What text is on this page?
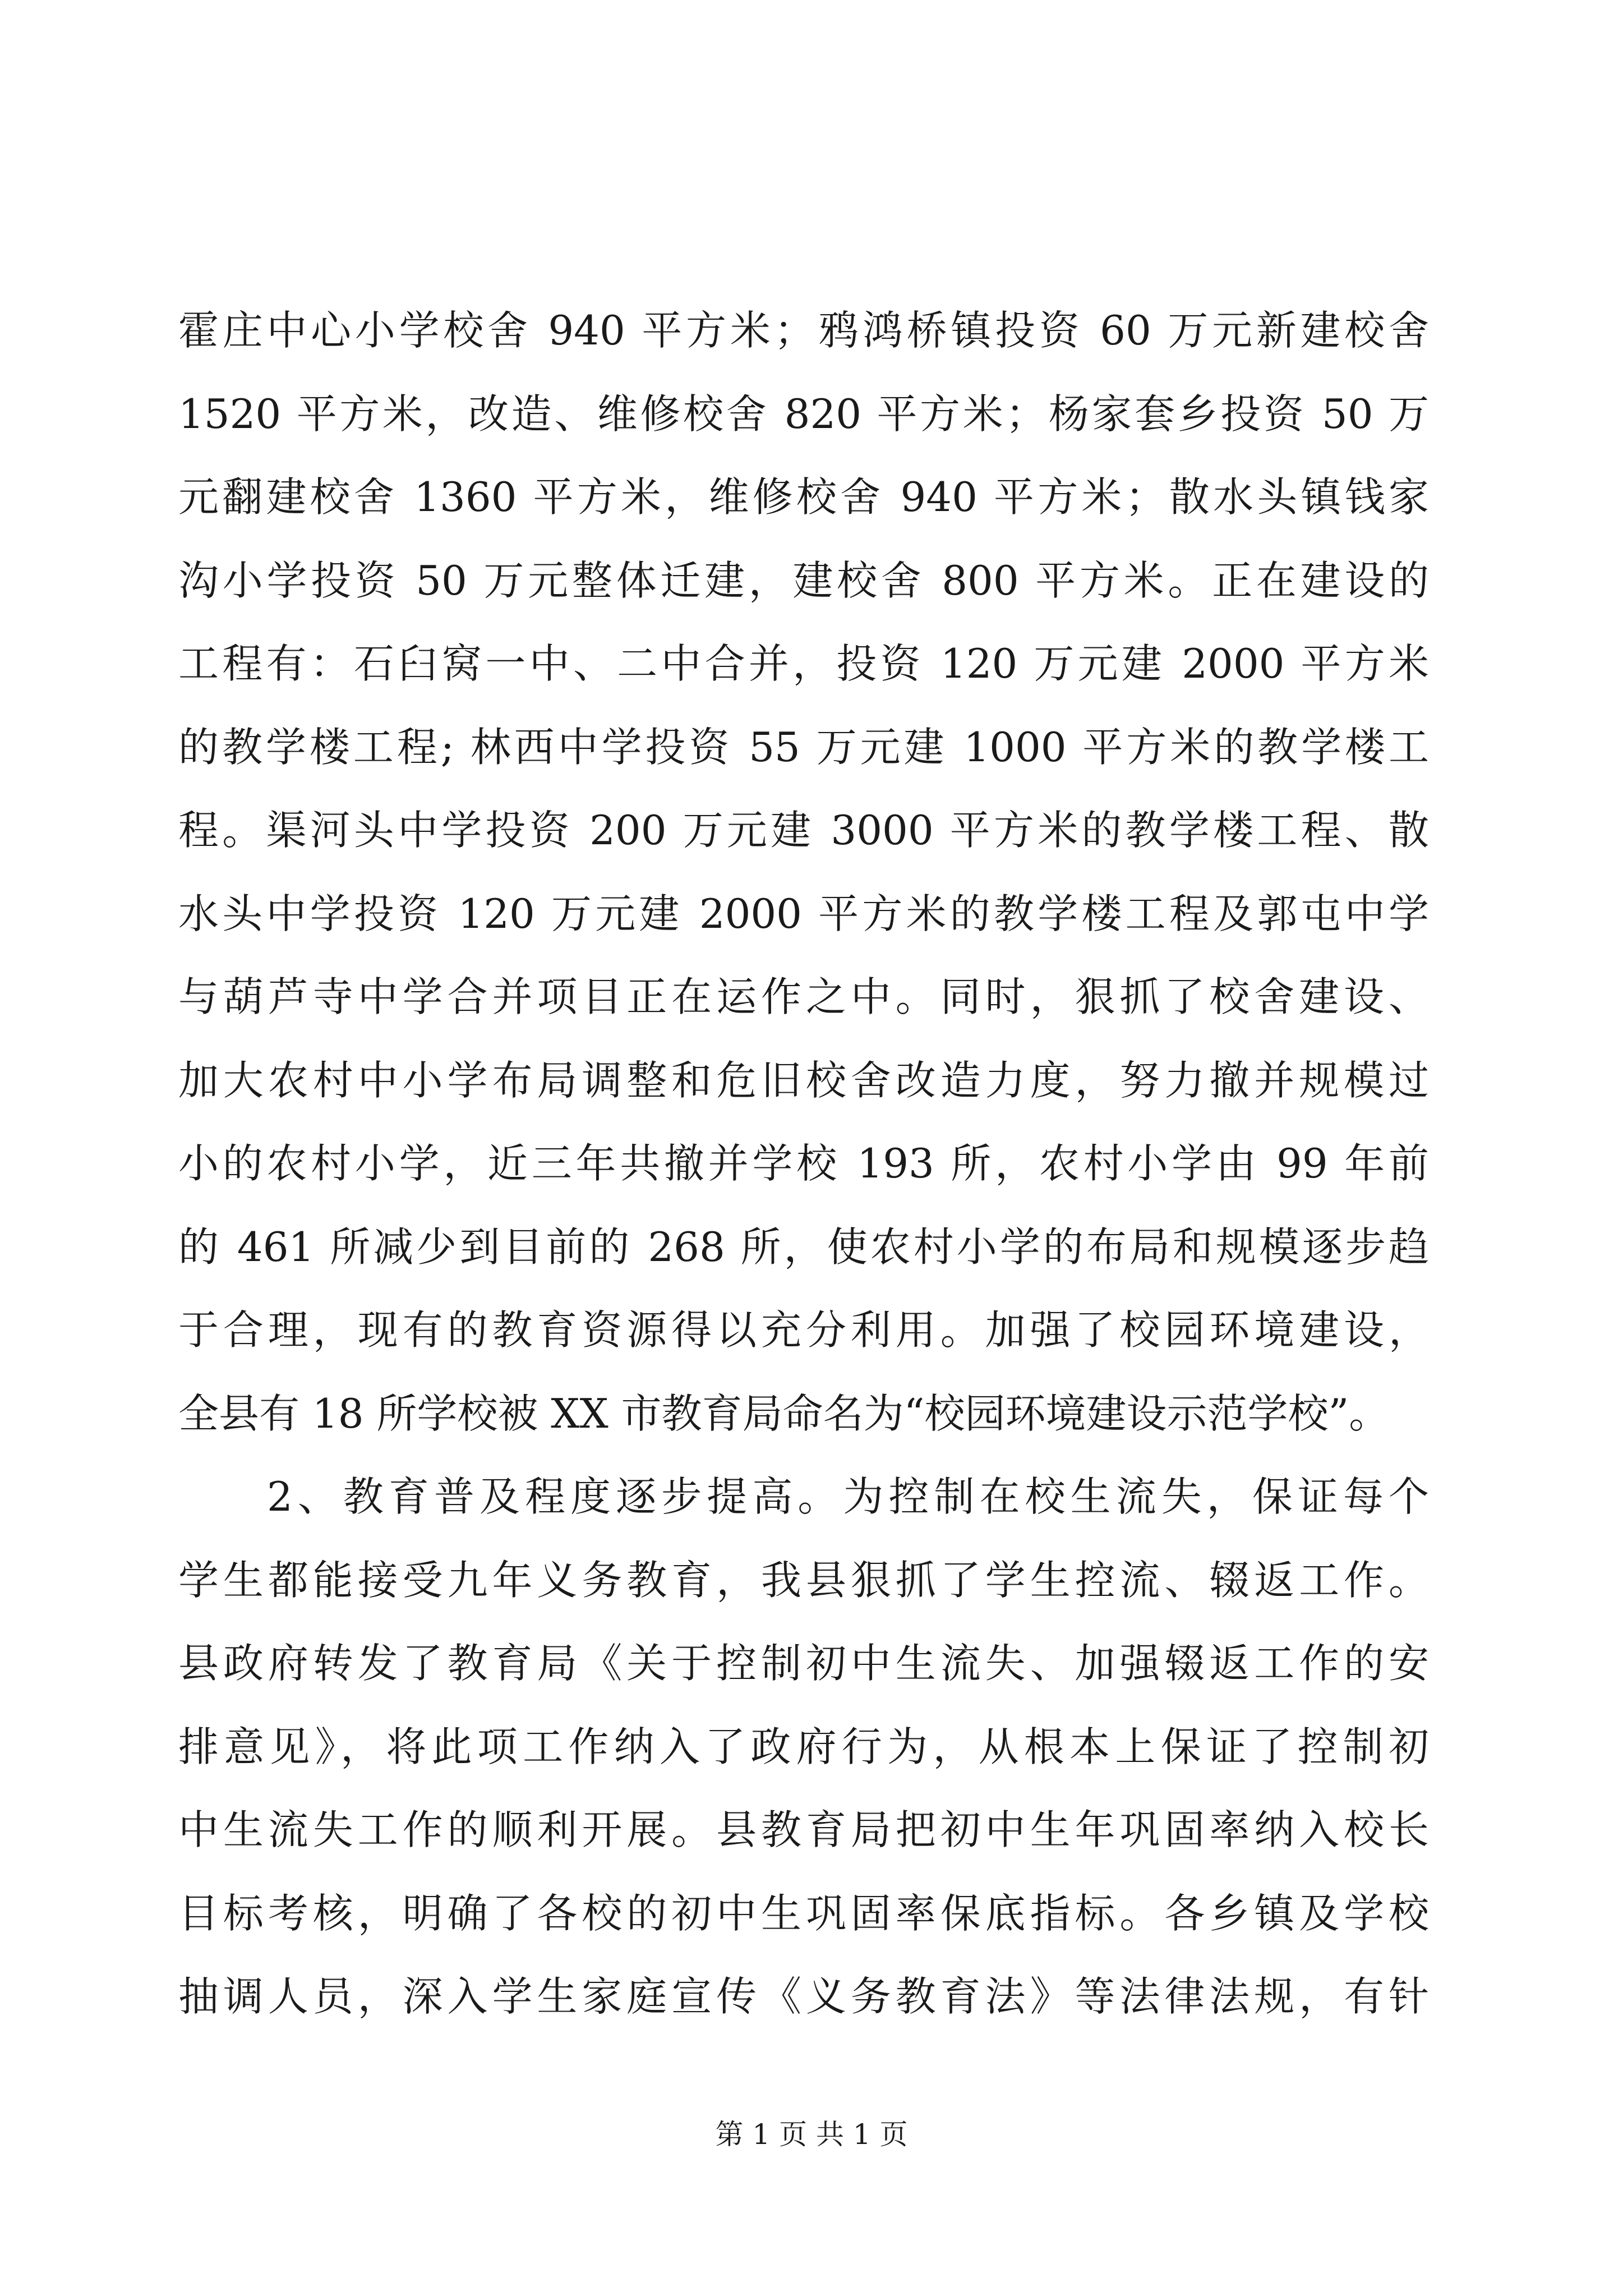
霍庄中心小学校舍 940 平方米；鸦鸿桥镇投资 60 万元新建校舍
1520 平方米，改造、维修校舍 820 平方米；杨家套乡投资 50 万
元翻建校舍 1360 平方米，维修校舍 940 平方米；散水头镇钱家
沟小学投资 50 万元整体迁建，建校舍 800 平方米。正在建设的
工程有：石臼窝一中、二中合并，投资 120 万元建 2000 平方米
的教学楼工程; 林西中学投资 55 万元建 1000 平方米的教学楼工
程。渠河头中学投资 200 万元建 3000 平方米的教学楼工程、散
水头中学投资 120 万元建 2000 平方米的教学楼工程及郭屯中学
与葫芦寺中学合并项目正在运作之中。同时，狠抓了校舍建设、
加大农村中小学布局调整和危旧校舍改造力度，努力撤并规模过
小的农村小学，近三年共撤并学校 193 所，农村小学由 99 年前
的 461 所减少到目前的 268 所，使农村小学的布局和规模逐步趋
于合理，现有的教育资源得以充分利用。加强了校园环境建设，
全县有 18 所学校被 XX 市教育局命名为“校园环境建设示范学校”。
2、教育普及程度逐步提高。为控制在校生流失，保证每个
学生都能接受九年义务教育，我县狠抓了学生控流、辍返工作。
县政府转发了教育局《关于控制初中生流失、加强辍返工作的安
排意见》，将此项工作纳入了政府行为，从根本上保证了控制初
中生流失工作的顺利开展。县教育局把初中生年巩固率纳入校长
目标考核，明确了各校的初中生巩固率保底指标。各乡镇及学校
抽调人员，深入学生家庭宣传《义务教育法》等法律法规，有针
第 1 页 共 1 页
